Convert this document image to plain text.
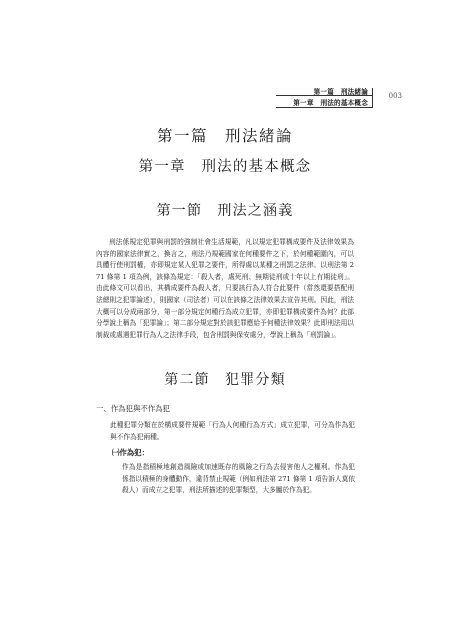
第一篇　刑法緒論
第一章　刑法的基本概念
003
第一篇　刑法緒論
第一章　刑法的基本概念
第一節　刑法之涵義
刑法係規定犯罪與刑罰的強制社會生活規範，凡以規定犯罪構成要件及法律效果為內容的國家法律實之，換言之，刑法乃規範國家在何種要件之下，於何種範圍內，可以具體行使刑罰權，亦即規定某人犯罪之要件，所得處以某種之刑罰之法律。以刑法第 271 條第 1 項為例，該條為規定：「殺人者，處死刑、無期徒刑或十年以上有期徒刑」。由此條文可以看出，其構成要件為殺人者，只要該行為人符合此要件（當然還要搭配刑法總則之犯罪論述），則國家（司法者）可以在該條之法律效果去宣告其刑。因此，刑法大概可以分成兩部分，第一部分規定何種行為成立犯罪，亦即犯罪構成要件為何？此部分學說上稱為「犯罪論」；第二部分規定對於該犯罪應給予何種法律效果？此即刑法用以制裁或處遇犯罪行為人之法律手段，包含刑罰與保安處分，學說上稱為「刑罰論」。
第二節　犯罪分類
一、作為犯與不作為犯
此種犯罪分類在於構成要件規範「行為人何種行為方式」成立犯罪，可分為作為犯與不作為犯兩種。
㈠作為犯：
作為是指積極地創造風險或加速既存的風險之行為去侵害他人之權利。作為犯係指以積極的身體動作，違背禁止規範（例如刑法第 271 條第 1 項告訴人莫依殺人）而成立之犯罪，刑法所描述的犯罪類型，大多屬於作為犯。
